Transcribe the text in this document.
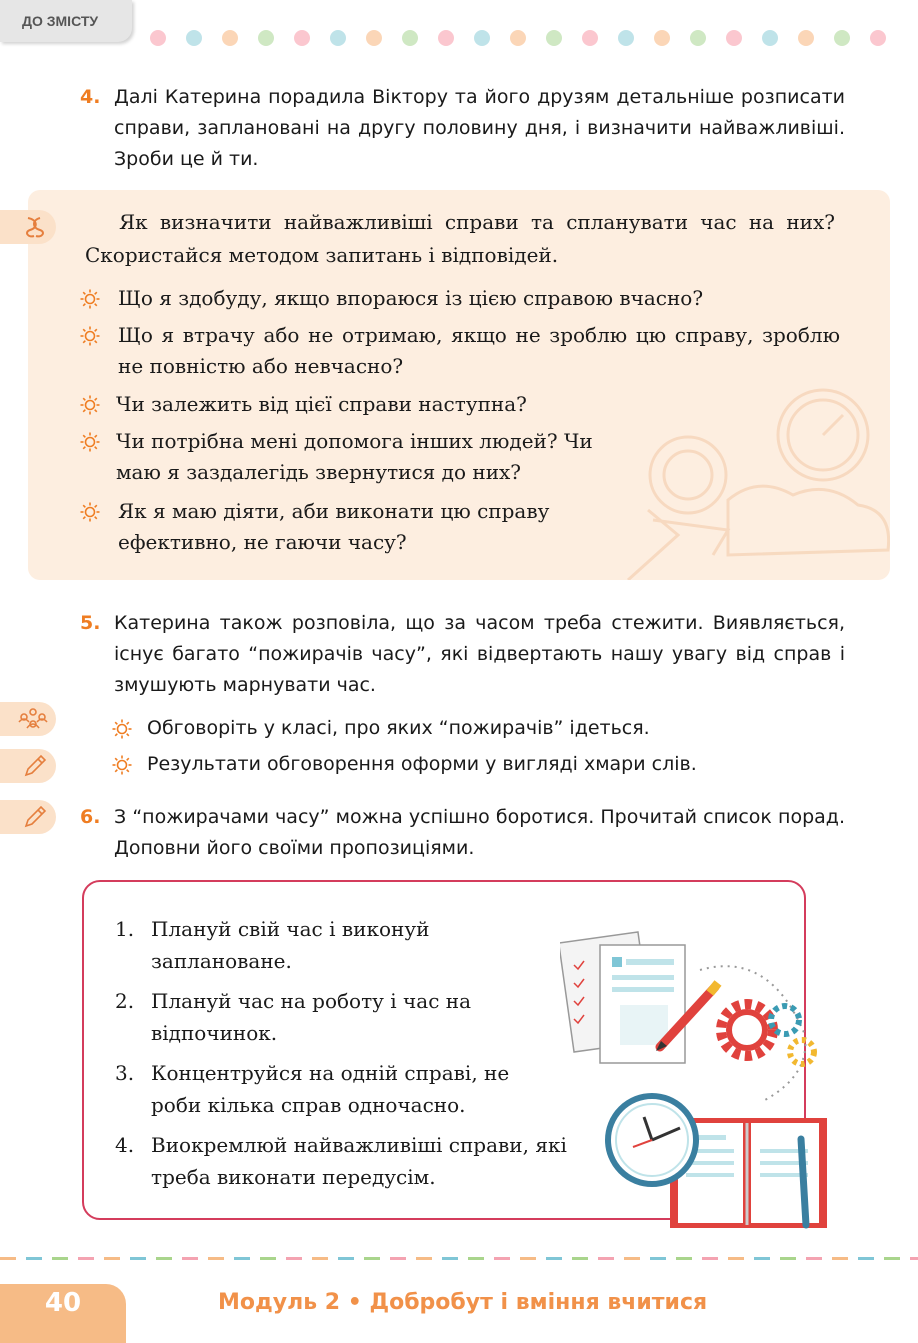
ДО ЗМІСТУ
4. Далі Катерина порадила Віктору та його друзям детальніше розписати справи, заплановані на другу половину дня, і визначити найважливіші. Зроби це й ти.
Як визначити найважливіші справи та спланувати час на них? Скористайся методом запитань і відповідей.
Що я здобуду, якщо впораюся із цією справою вчасно?
Що я втрачу або не отримаю, якщо не зроблю цю справу, зроблю не повністю або невчасно?
Чи залежить від цієї справи наступна?
Чи потрібна мені допомога інших людей? Чи маю я заздалегідь звернутися до них?
Як я маю діяти, аби виконати цю справу ефективно, не гаючи часу?
5. Катерина також розповіла, що за часом треба стежити. Виявляється, існує багато “пожирачів часу”, які відвертають нашу увагу від справ і змушують марнувати час.
Обговоріть у класі, про яких “пожирачів” ідеться.
Результати обговорення оформи у вигляді хмари слів.
6. З “пожирачами часу” можна успішно боротися. Прочитай список порад. Доповни його своїми пропозиціями.
1. Плануй свій час і виконуй заплановане.
2. Плануй час на роботу і час на відпочинок.
3. Концентруйся на одній справі, не роби кілька справ одночасно.
4. Виокремлюй найважливіші справи, які треба виконати передусім.
40	Модуль 2 • Добробут і вміння вчитися
